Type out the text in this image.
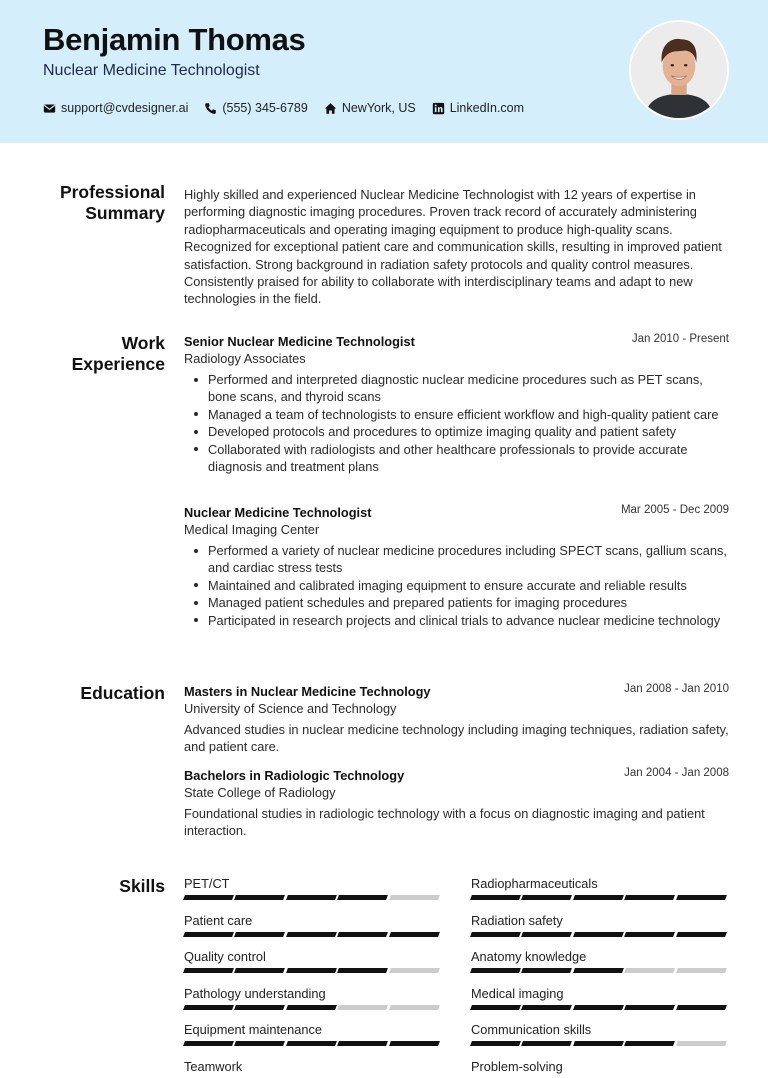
Benjamin Thomas
Nuclear Medicine Technologist
support@cvdesigner.ai	(555) 345-6789	NewYork, US	LinkedIn.com
Professional
Summary
Highly skilled and experienced Nuclear Medicine Technologist with 12 years of expertise in performing diagnostic imaging procedures. Proven track record of accurately administering radiopharmaceuticals and operating imaging equipment to produce high-quality scans. Recognized for exceptional patient care and communication skills, resulting in improved patient satisfaction. Strong background in radiation safety protocols and quality control measures. Consistently praised for ability to collaborate with interdisciplinary teams and adapt to new technologies in the field.
Work
Experience
Senior Nuclear Medicine Technologist	Jan 2010 - Present
Radiology Associates
Performed and interpreted diagnostic nuclear medicine procedures such as PET scans, bone scans, and thyroid scans
Managed a team of technologists to ensure efficient workflow and high-quality patient care
Developed protocols and procedures to optimize imaging quality and patient safety
Collaborated with radiologists and other healthcare professionals to provide accurate diagnosis and treatment plans
Nuclear Medicine Technologist	Mar 2005 - Dec 2009
Medical Imaging Center
Performed a variety of nuclear medicine procedures including SPECT scans, gallium scans, and cardiac stress tests
Maintained and calibrated imaging equipment to ensure accurate and reliable results
Managed patient schedules and prepared patients for imaging procedures
Participated in research projects and clinical trials to advance nuclear medicine technology
Education Masters in Nuclear Medicine Technology	Jan 2008 - Jan 2010
University of Science and Technology
Advanced studies in nuclear medicine technology including imaging techniques, radiation safety, and patient care.
Bachelors in Radiologic Technology	Jan 2004 - Jan 2008
State College of Radiology
Foundational studies in radiologic technology with a focus on diagnostic imaging and patient interaction.
Skills PET/CT	Radiopharmaceuticals
Patient care	Radiation safety
Quality control	Anatomy knowledge
Pathology understanding	Medical imaging
Equipment maintenance	Communication skills
Teamwork	Problem-solving
